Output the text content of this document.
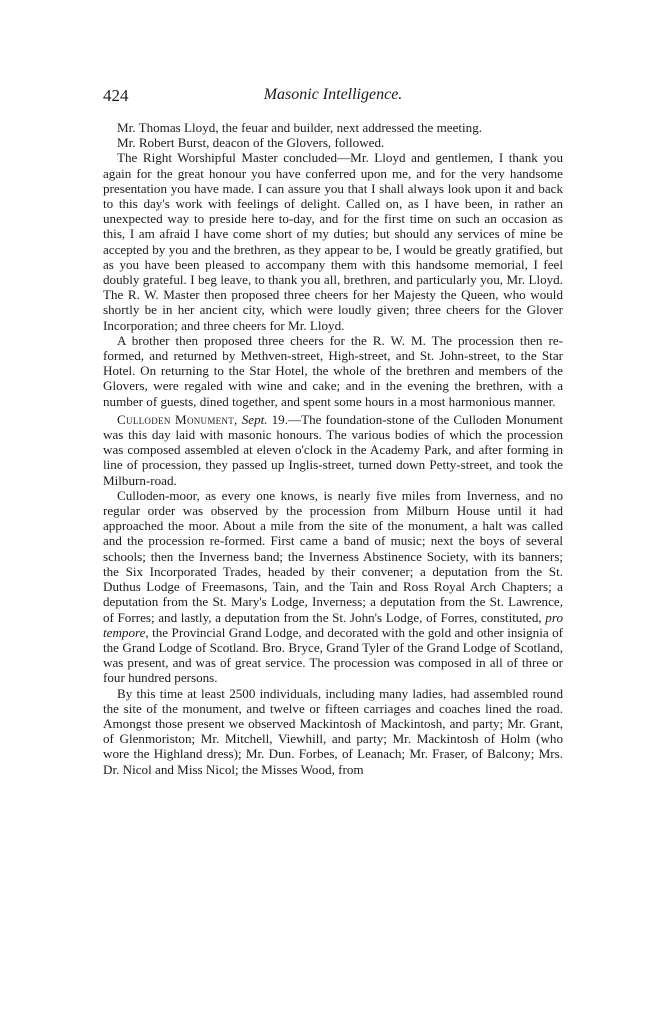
424	Masonic Intelligence.

Mr. Thomas Lloyd, the feuar and builder, next addressed the meeting.

Mr. Robert Burst, deacon of the Glovers, followed.

The Right Worshipful Master concluded—Mr. Lloyd and gentlemen, I thank you again for the great honour you have conferred upon me, and for the very handsome presentation you have made. I can assure you that I shall always look upon it and back to this day's work with feelings of delight. Called on, as I have been, in rather an unexpected way to preside here to-day, and for the first time on such an occasion as this, I am afraid I have come short of my duties; but should any services of mine be accepted by you and the brethren, as they appear to be, I would be greatly gratified, but as you have been pleased to accompany them with this handsome memorial, I feel doubly grateful. I beg leave, to thank you all, brethren, and particularly you, Mr. Lloyd. The R. W. Master then proposed three cheers for her Majesty the Queen, who would shortly be in her ancient city, which were loudly given; three cheers for the Glover Incorporation; and three cheers for Mr. Lloyd.

A brother then proposed three cheers for the R. W. M. The procession then re-formed, and returned by Methven-street, High-street, and St. John-street, to the Star Hotel. On returning to the Star Hotel, the whole of the brethren and members of the Glovers, were regaled with wine and cake; and in the evening the brethren, with a number of guests, dined together, and spent some hours in a most harmonious manner.

Culloden Monument, Sept. 19.—The foundation-stone of the Culloden Monument was this day laid with masonic honours. The various bodies of which the procession was composed assembled at eleven o'clock in the Academy Park, and after forming in line of procession, they passed up Inglis-street, turned down Petty-street, and took the Milburn-road.

Culloden-moor, as every one knows, is nearly five miles from Inverness, and no regular order was observed by the procession from Milburn House until it had approached the moor. About a mile from the site of the monument, a halt was called and the procession re-formed. First came a band of music; next the boys of several schools; then the Inverness band; the Inverness Abstinence Society, with its banners; the Six Incorporated Trades, headed by their convener; a deputation from the St. Duthus Lodge of Freemasons, Tain, and the Tain and Ross Royal Arch Chapters; a deputation from the St. Mary's Lodge, Inverness; a deputation from the St. Lawrence, of Forres; and lastly, a deputation from the St. John's Lodge, of Forres, constituted, pro tempore, the Provincial Grand Lodge, and decorated with the gold and other insignia of the Grand Lodge of Scotland. Bro. Bryce, Grand Tyler of the Grand Lodge of Scotland, was present, and was of great service. The procession was composed in all of three or four hundred persons.

By this time at least 2500 individuals, including many ladies, had assembled round the site of the monument, and twelve or fifteen carriages and coaches lined the road. Amongst those present we observed Mackintosh of Mackintosh, and party; Mr. Grant, of Glenmoriston; Mr. Mitchell, Viewhill, and party; Mr. Mackintosh of Holm (who wore the Highland dress); Mr. Dun. Forbes, of Leanach; Mr. Fraser, of Balcony; Mrs. Dr. Nicol and Miss Nicol; the Misses Wood, from
